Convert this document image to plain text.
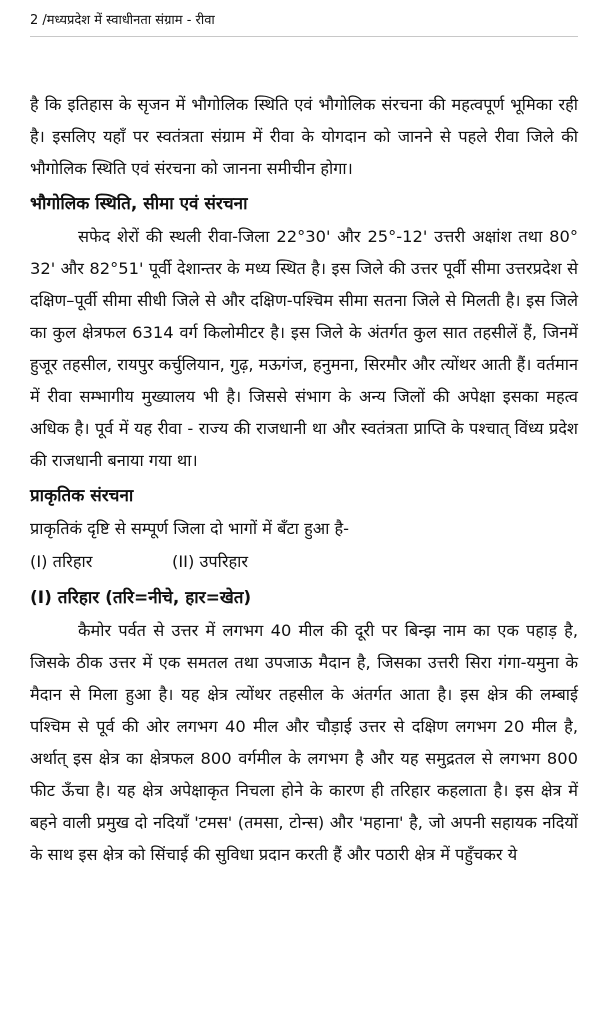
2 /मध्यप्रदेश में स्वाधीनता संग्राम - रीवा

है कि इतिहास के सृजन में भौगोलिक स्थिति एवं भौगोलिक संरचना की महत्वपूर्ण भूमिका रही है। इसलिए यहाँ पर स्वतंत्रता संग्राम में रीवा के योगदान को जानने से पहले रीवा जिले की भौगोलिक स्थिति एवं संरचना को जानना समीचीन होगा।

भौगोलिक स्थिति, सीमा एवं संरचना

सफेद शेरों की स्थली रीवा-जिला 22°30' और 25°-12' उत्तरी अक्षांश तथा 80° 32' और 82°51' पूर्वी देशान्तर के मध्य स्थित है। इस जिले की उत्तर पूर्वी सीमा उत्तरप्रदेश से दक्षिण–पूर्वी सीमा सीधी जिले से और दक्षिण-पश्चिम सीमा सतना जिले से मिलती है। इस जिले का कुल क्षेत्रफल 6314 वर्ग किलोमीटर है। इस जिले के अंतर्गत कुल सात तहसीलें हैं, जिनमें हुजूर तहसील, रायपुर कर्चुलियान, गुढ़, मऊगंज, हनुमना, सिरमौर और त्योंथर आती हैं। वर्तमान में रीवा सम्भागीय मुख्यालय भी है। जिससे संभाग के अन्य जिलों की अपेक्षा इसका महत्व अधिक है। पूर्व में यह रीवा - राज्य की राजधानी था और स्वतंत्रता प्राप्ति के पश्चात् विंध्य प्रदेश की राजधानी बनाया गया था।

प्राकृतिक संरचना

प्राकृतिकं दृष्टि से सम्पूर्ण जिला दो भागों में बँटा हुआ है-

(I) तरिहार	(II) उपरिहार
(I) तरिहार (तरि=नीचे, हार=खेत)

कैमोर पर्वत से उत्तर में लगभग 40 मील की दूरी पर बिन्झ नाम का एक पहाड़ है, जिसके ठीक उत्तर में एक समतल तथा उपजाऊ मैदान है, जिसका उत्तरी सिरा गंगा-यमुना के मैदान से मिला हुआ है। यह क्षेत्र त्योंथर तहसील के अंतर्गत आता है। इस क्षेत्र की लम्बाई पश्चिम से पूर्व की ओर लगभग 40 मील और चौड़ाई उत्तर से दक्षिण लगभग 20 मील है, अर्थात् इस क्षेत्र का क्षेत्रफल 800 वर्गमील के लगभग है और यह समुद्रतल से लगभग 800 फीट ऊँचा है। यह क्षेत्र अपेक्षाकृत निचला होने के कारण ही तरिहार कहलाता है। इस क्षेत्र में बहने वाली प्रमुख दो नदियाँ 'टमस' (तमसा, टोन्स) और 'महाना' है, जो अपनी सहायक नदियों के साथ इस क्षेत्र को सिंचाई की सुविधा प्रदान करती हैं और पठारी क्षेत्र में पहुँचकर ये
